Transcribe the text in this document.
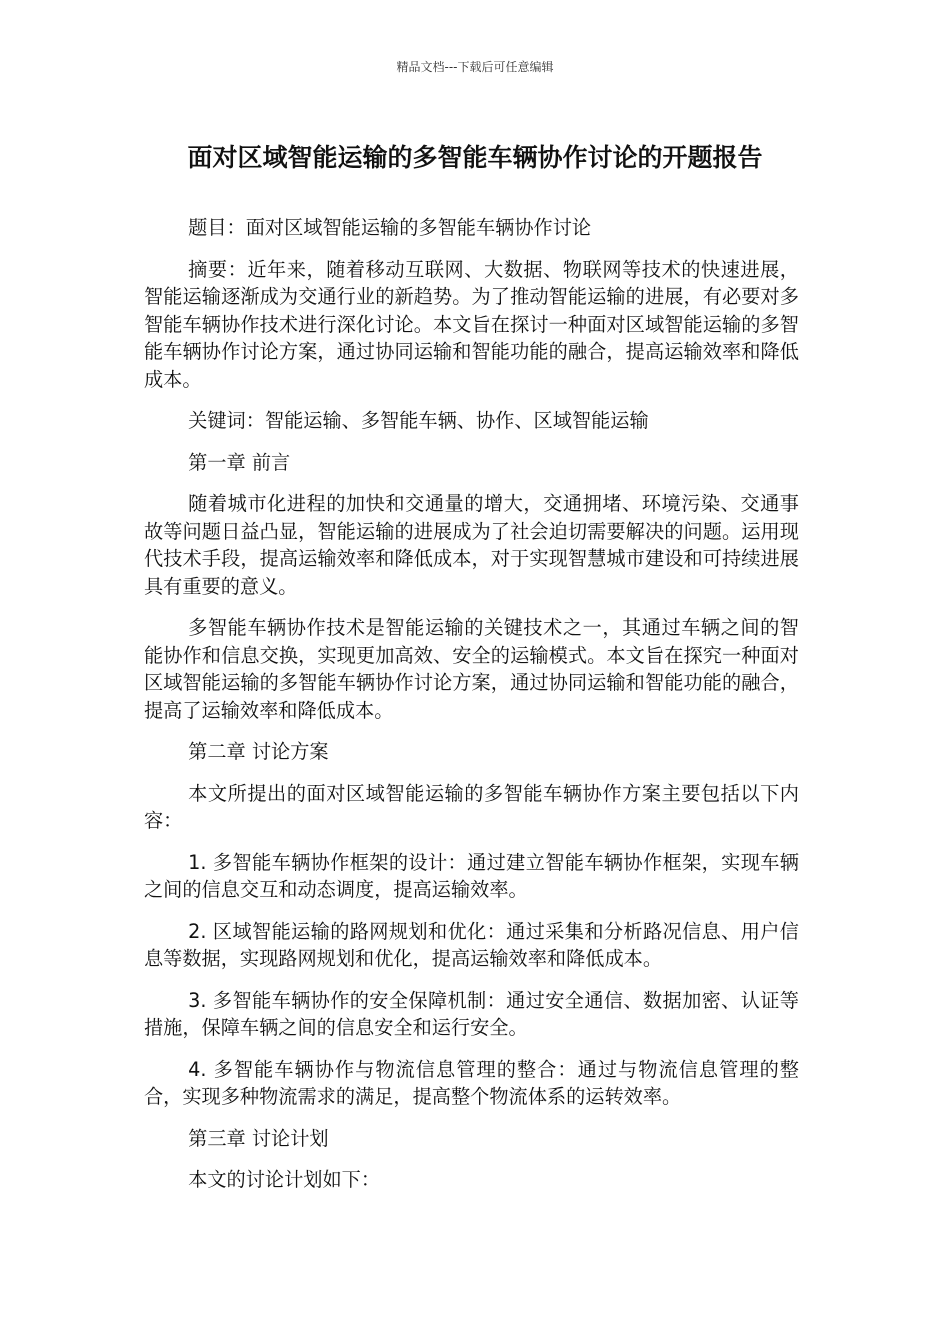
精品文档---下载后可任意编辑
面对区域智能运输的多智能车辆协作讨论的开题报告

题目：面对区域智能运输的多智能车辆协作讨论

摘要：近年来，随着移动互联网、大数据、物联网等技术的快速进展，智能运输逐渐成为交通行业的新趋势。为了推动智能运输的进展，有必要对多智能车辆协作技术进行深化讨论。本文旨在探讨一种面对区域智能运输的多智能车辆协作讨论方案，通过协同运输和智能功能的融合，提高运输效率和降低成本。

关键词：智能运输、多智能车辆、协作、区域智能运输

第一章 前言

随着城市化进程的加快和交通量的增大，交通拥堵、环境污染、交通事故等问题日益凸显，智能运输的进展成为了社会迫切需要解决的问题。运用现代技术手段，提高运输效率和降低成本，对于实现智慧城市建设和可持续进展具有重要的意义。

多智能车辆协作技术是智能运输的关键技术之一，其通过车辆之间的智能协作和信息交换，实现更加高效、安全的运输模式。本文旨在探究一种面对区域智能运输的多智能车辆协作讨论方案，通过协同运输和智能功能的融合，提高了运输效率和降低成本。

第二章 讨论方案

本文所提出的面对区域智能运输的多智能车辆协作方案主要包括以下内容：

1. 多智能车辆协作框架的设计：通过建立智能车辆协作框架，实现车辆之间的信息交互和动态调度，提高运输效率。

2. 区域智能运输的路网规划和优化：通过采集和分析路况信息、用户信息等数据，实现路网规划和优化，提高运输效率和降低成本。

3. 多智能车辆协作的安全保障机制：通过安全通信、数据加密、认证等措施，保障车辆之间的信息安全和运行安全。

4. 多智能车辆协作与物流信息管理的整合：通过与物流信息管理的整合，实现多种物流需求的满足，提高整个物流体系的运转效率。

第三章 讨论计划

本文的讨论计划如下：
